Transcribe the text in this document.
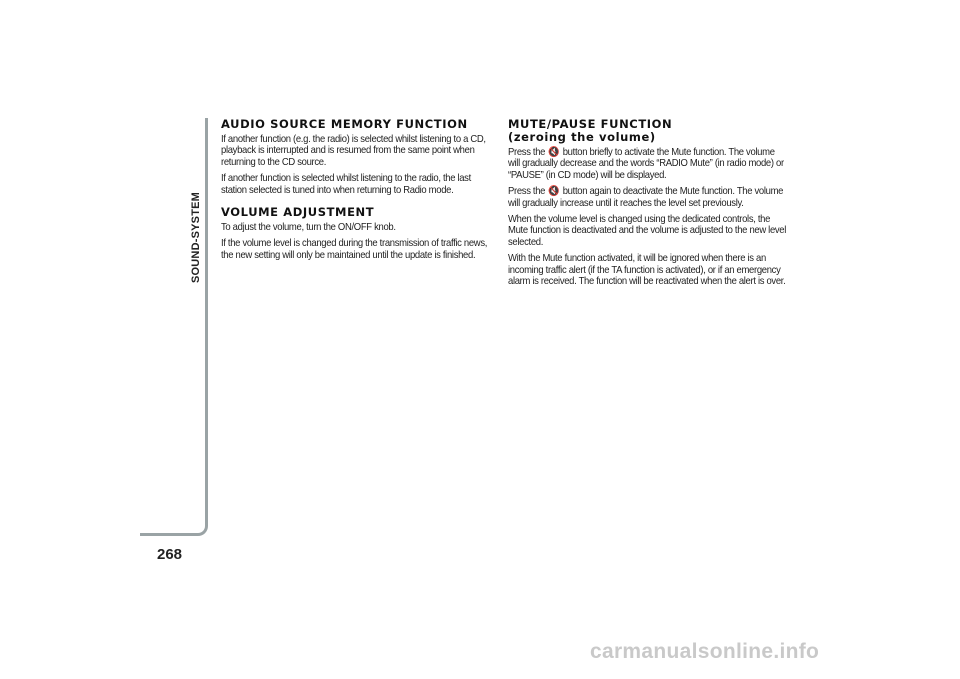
SOUND-SYSTEM
268
AUDIO SOURCE MEMORY FUNCTION

If another function (e.g. the radio) is selected whilst listening to a CD, playback is interrupted and is resumed from the same point when returning to the CD source.

If another function is selected whilst listening to the radio, the last station selected is tuned into when returning to Radio mode.

VOLUME ADJUSTMENT

To adjust the volume, turn the ON/OFF knob.

If the volume level is changed during the transmission of traffic news, the new setting will only be maintained until the update is finished.

MUTE/PAUSE FUNCTION
(zeroing the volume)

Press the 🔇 button briefly to activate the Mute function. The volume will gradually decrease and the words “RADIO Mute” (in radio mode) or “PAUSE” (in CD mode) will be displayed.

Press the 🔇 button again to deactivate the Mute function. The volume will gradually increase until it reaches the level set previously.

When the volume level is changed using the dedicated controls, the Mute function is deactivated and the volume is adjusted to the new level selected.

With the Mute function activated, it will be ignored when there is an incoming traffic alert (if the TA function is activated), or if an emergency alarm is received. The function will be reactivated when the alert is over.

carmanualsonline.info
